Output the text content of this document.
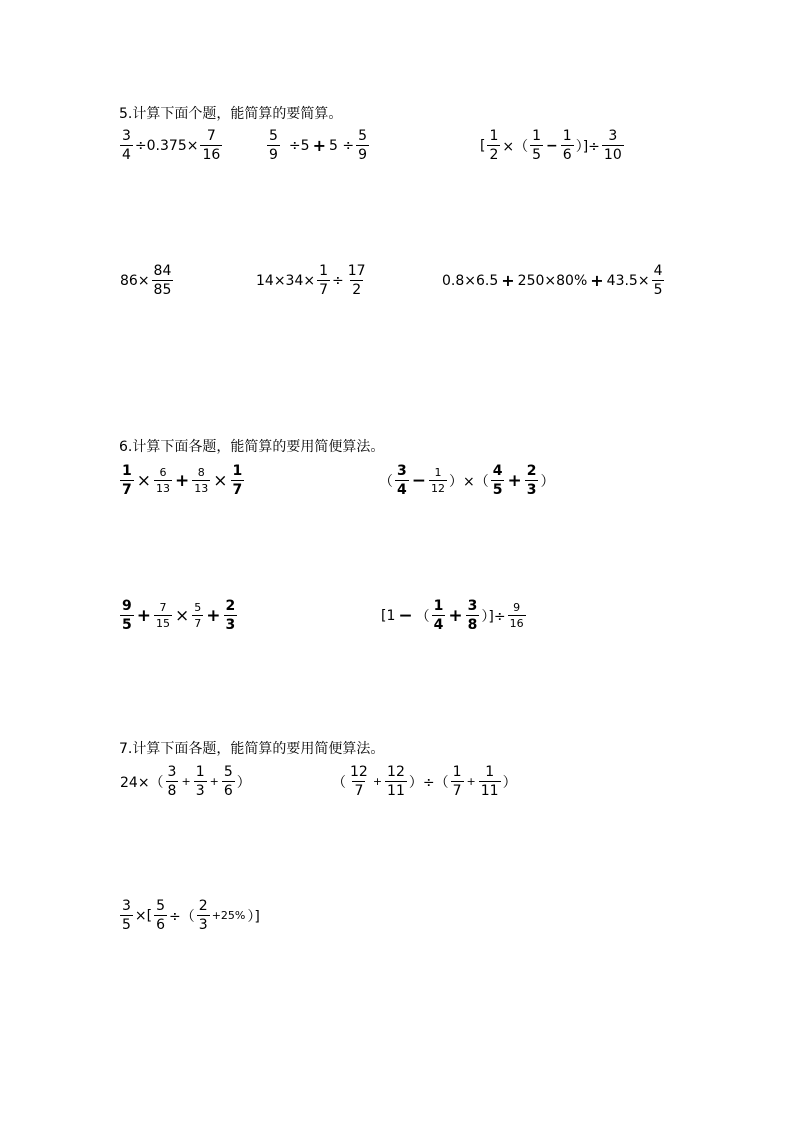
5.计算下面个题，能简算的要简算。
$\frac{3}{4} \div 0.375\times \frac{7}{16}$	$\frac{5}{9} \div 5 + 5 \div \frac{5}{9}$	[ $\frac{1}{2}$ ×（ $\frac{1}{5} - \frac{1}{6}$ ）]÷ $\frac{3}{10}$
$86\times \frac{84}{85}$	$14\times 34\times \frac{1}{7} \div \frac{17}{2}$	$0.8\times 6.5 + 250\times 80\% + 43.5\times \frac{4}{5}$
6.计算下面各题，能简算的要用简便算法。
$\frac{1}{7} \times \frac{6}{13} + \frac{8}{13} \times \frac{1}{7}$	（ $\frac{3}{4} - \frac{1}{12}$ ）×（ $\frac{4}{5} + \frac{2}{3}$ ）
$\frac{9}{5} + \frac{7}{15} \times \frac{5}{7} + \frac{2}{3}$	[1 − （ $\frac{1}{4} + \frac{3}{8}$ ）]÷ $\frac{9}{16}$
7.计算下面各题，能简算的要用简便算法。
$24\times( \frac{3}{8} + \frac{1}{3} + \frac{5}{6}$ ）	（ $\frac{12}{7} + \frac{12}{11}$ ）÷（ $\frac{1}{7} + \frac{1}{11}$ ）
$\frac{3}{5}$ ×[ $\frac{5}{6}$ ÷（ $\frac{2}{3} +25\%$ ）]
